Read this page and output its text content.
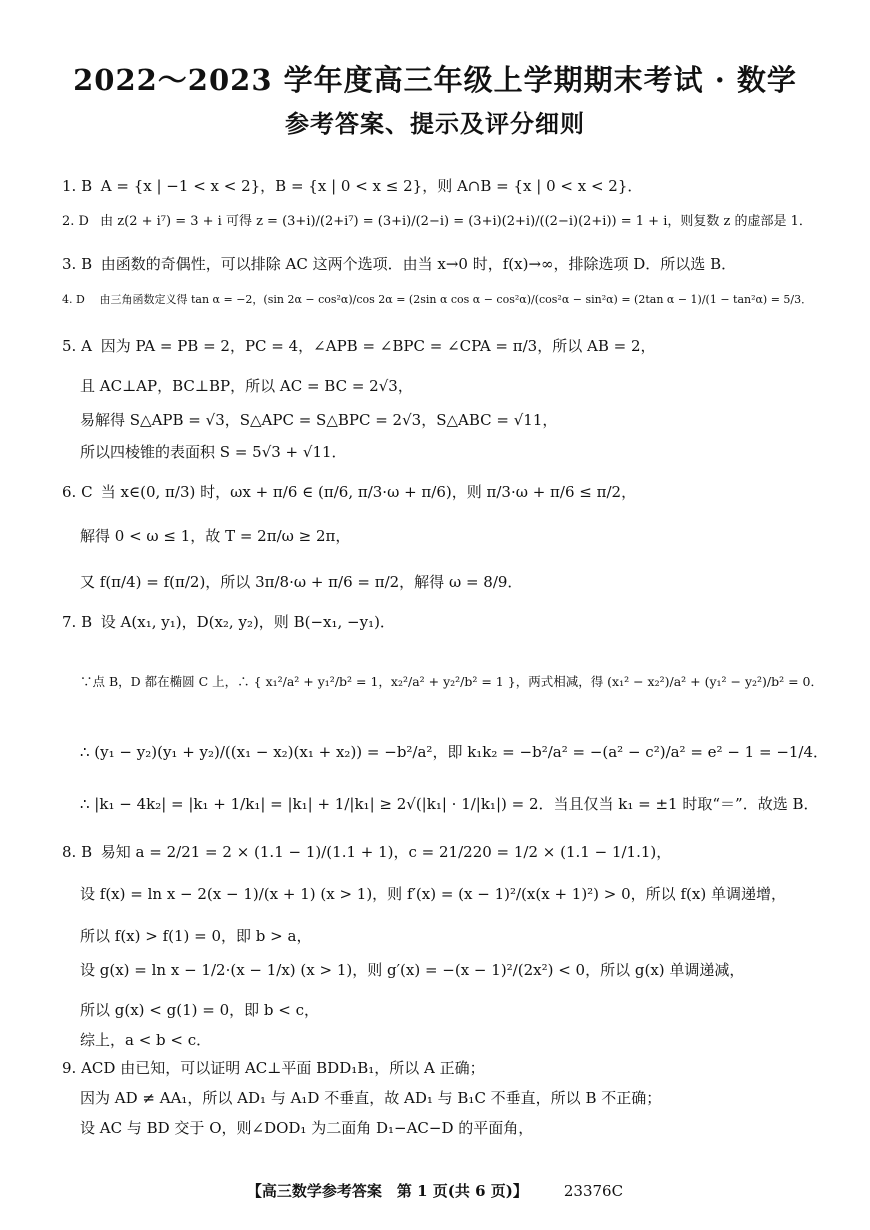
2022～2023 学年度高三年级上学期期末考试 · 数学
参考答案、提示及评分细则
1. B A = {x | −1 < x < 2}，B = {x | 0 < x ≤ 2}，则 A∩B = {x | 0 < x < 2}．
2. D 由 z(2 + i⁷) = 3 + i 可得 z = (3+i)/(2+i⁷) = (3+i)/(2−i) = (3+i)(2+i)/((2−i)(2+i)) = 1 + i，则复数 z 的虚部是 1．
3. B 由函数的奇偶性，可以排除 AC 这两个选项．由当 x→0 时，f(x)→∞，排除选项 D．所以选 B．
4. D 由三角函数定义得 tan α = −2，(sin 2α − cos²α)/cos 2α = (2sin α cos α − cos²α)/(cos²α − sin²α) = (2tan α − 1)/(1 − tan²α) = 5/3．
5. A 因为 PA = PB = 2，PC = 4，∠APB = ∠BPC = ∠CPA = π/3，所以 AB = 2，
且 AC⊥AP，BC⊥BP，所以 AC = BC = 2√3，
易解得 S△APB = √3，S△APC = S△BPC = 2√3，S△ABC = √11，
所以四棱锥的表面积 S = 5√3 + √11．
6. C 当 x∈(0, π/3) 时，ωx + π/6 ∈ (π/6, π/3·ω + π/6)，则 π/3·ω + π/6 ≤ π/2，
解得 0 < ω ≤ 1，故 T = 2π/ω ≥ 2π，
又 f(π/4) = f(π/2)，所以 3π/8·ω + π/6 = π/2，解得 ω = 8/9．
7. B 设 A(x₁, y₁)，D(x₂, y₂)，则 B(−x₁, −y₁)．
∵点 B，D 都在椭圆 C 上，∴ { x₁²/a² + y₁²/b² = 1，x₂²/a² + y₂²/b² = 1 }，两式相减，得 (x₁² − x₂²)/a² + (y₁² − y₂²)/b² = 0．
∴ (y₁ − y₂)(y₁ + y₂)/((x₁ − x₂)(x₁ + x₂)) = −b²/a²，即 k₁k₂ = −b²/a² = −(a² − c²)/a² = e² − 1 = −1/4．
∴ |k₁ − 4k₂| = |k₁ + 1/k₁| = |k₁| + 1/|k₁| ≥ 2√(|k₁| · 1/|k₁|) = 2．当且仅当 k₁ = ±1 时取“＝”．故选 B．
8. B 易知 a = 2/21 = 2 × (1.1 − 1)/(1.1 + 1)，c = 21/220 = 1/2 × (1.1 − 1/1.1)，
设 f(x) = ln x − 2(x − 1)/(x + 1) (x > 1)，则 f′(x) = (x − 1)²/(x(x + 1)²) > 0，所以 f(x) 单调递增，
所以 f(x) > f(1) = 0，即 b > a，
设 g(x) = ln x − 1/2·(x − 1/x) (x > 1)，则 g′(x) = −(x − 1)²/(2x²) < 0，所以 g(x) 单调递减，
所以 g(x) < g(1) = 0，即 b < c，
综上，a < b < c．
9. ACD 由已知，可以证明 AC⊥平面 BDD₁B₁，所以 A 正确；
因为 AD ≠ AA₁，所以 AD₁ 与 A₁D 不垂直，故 AD₁ 与 B₁C 不垂直，所以 B 不正确；
设 AC 与 BD 交于 O，则∠DOD₁ 为二面角 D₁−AC−D 的平面角，
【高三数学参考答案　第 1 页(共 6 页)】 23376C
